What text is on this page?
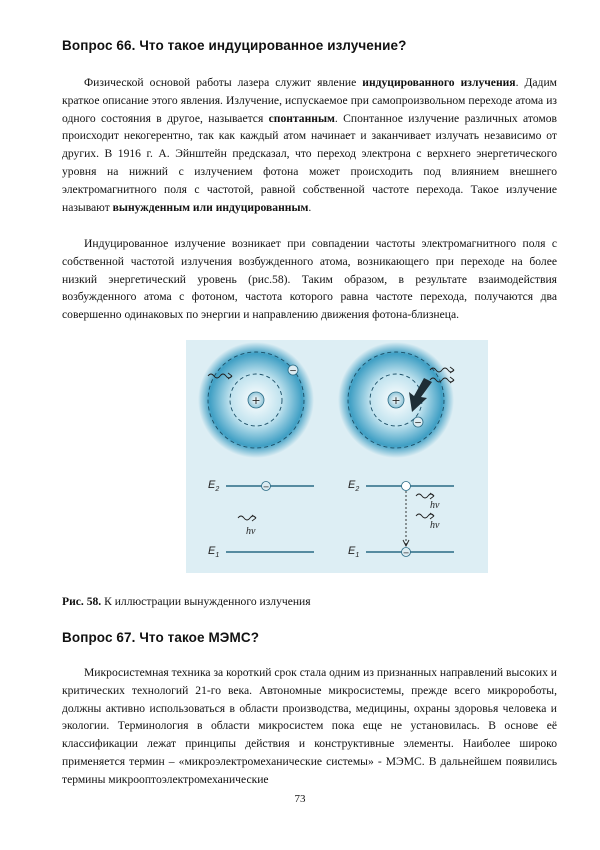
Вопрос 66. Что такое индуцированное излучение?

Физической основой работы лазера служит явление индуцированного излучения. Дадим краткое описание этого явления. Излучение, испускаемое при самопроизвольном переходе атома из одного состояния в другое, называется спонтанным. Спонтанное излучение различных атомов происходит некогерентно, так как каждый атом начинает и заканчивает излучать независимо от других. В 1916 г. А. Эйнштейн предсказал, что переход электрона с верхнего энергетического уровня на нижний с излучением фотона может происходить под влиянием внешнего электромагнитного поля с частотой, равной собственной частоте перехода. Такое излучение называют вынужденным или индуцированным.

Индуцированное излучение возникает при совпадении частоты электромагнитного поля с собственной частотой излучения возбужденного атома, возникающего при переходе на более низкий энергетический уровень (рис.58). Таким образом, в результате взаимодействия возбужденного атома с фотоном, частота которого равна частоте перехода, получаются два совершенно одинаковых по энергии и направлению движения фотона-близнеца.

+
−
+
−
$E_2$	−
hν
$E_1$
$E_2$
hν
hν
$E_1$	−

Рис. 58. К иллюстрации вынужденного излучения

Вопрос 67. Что такое МЭМС?

Микросистемная техника за короткий срок стала одним из признанных направлений высоких и критических технологий 21-го века. Автономные микросистемы, прежде всего микророботы, должны активно использоваться в области производства, медицины, охраны здоровья человека и экологии. Терминология в области микросистем пока еще не установилась. В основе её классификации лежат принципы действия и конструктивные элементы. Наиболее широко применяется термин – «микроэлектромеханические системы» - МЭМС. В дальнейшем появились термины микрооптоэлектромеханические

73
